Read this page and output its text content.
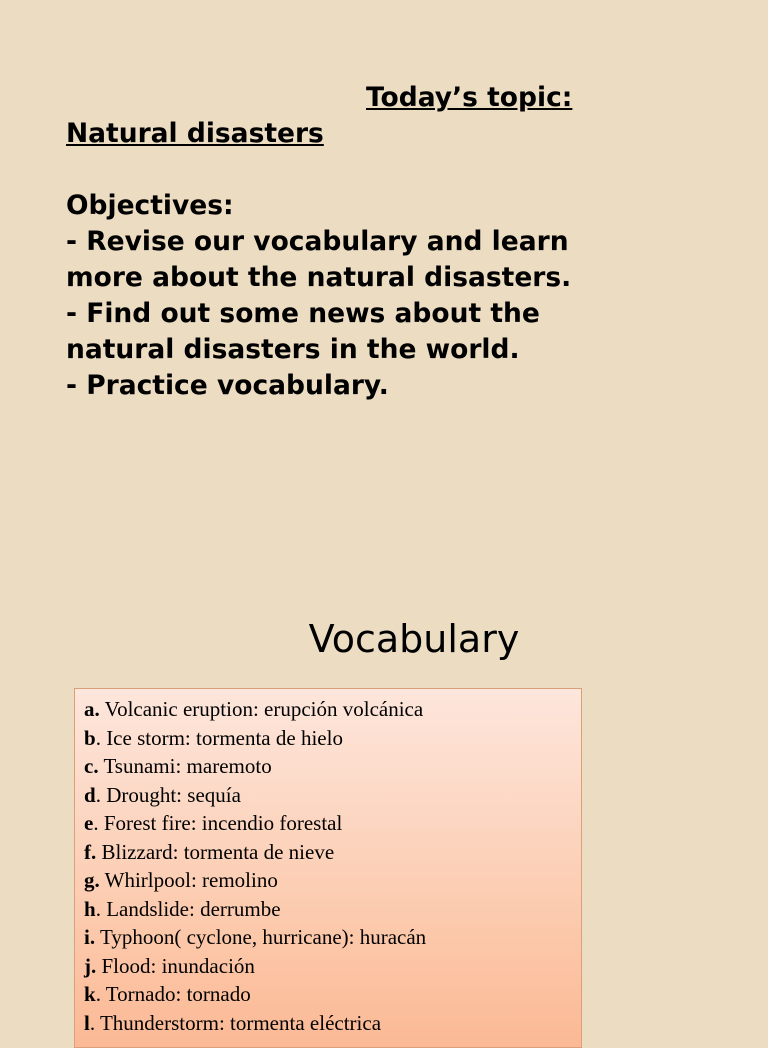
Today’s topic:

Natural disasters

Objectives:

- Revise our vocabulary and learn

more about the natural disasters.

- Find out some news about the

natural disasters in the world.

- Practice vocabulary.

Vocabulary
a. Volcanic eruption: erupción volcánica
b. Ice storm: tormenta de hielo
c. Tsunami: maremoto
d. Drought: sequía
e. Forest fire: incendio forestal
f. Blizzard: tormenta de nieve
g. Whirlpool: remolino
h. Landslide: derrumbe
i. Typhoon( cyclone, hurricane): huracán
j. Flood: inundación
k. Tornado: tornado
l. Thunderstorm: tormenta eléctrica
